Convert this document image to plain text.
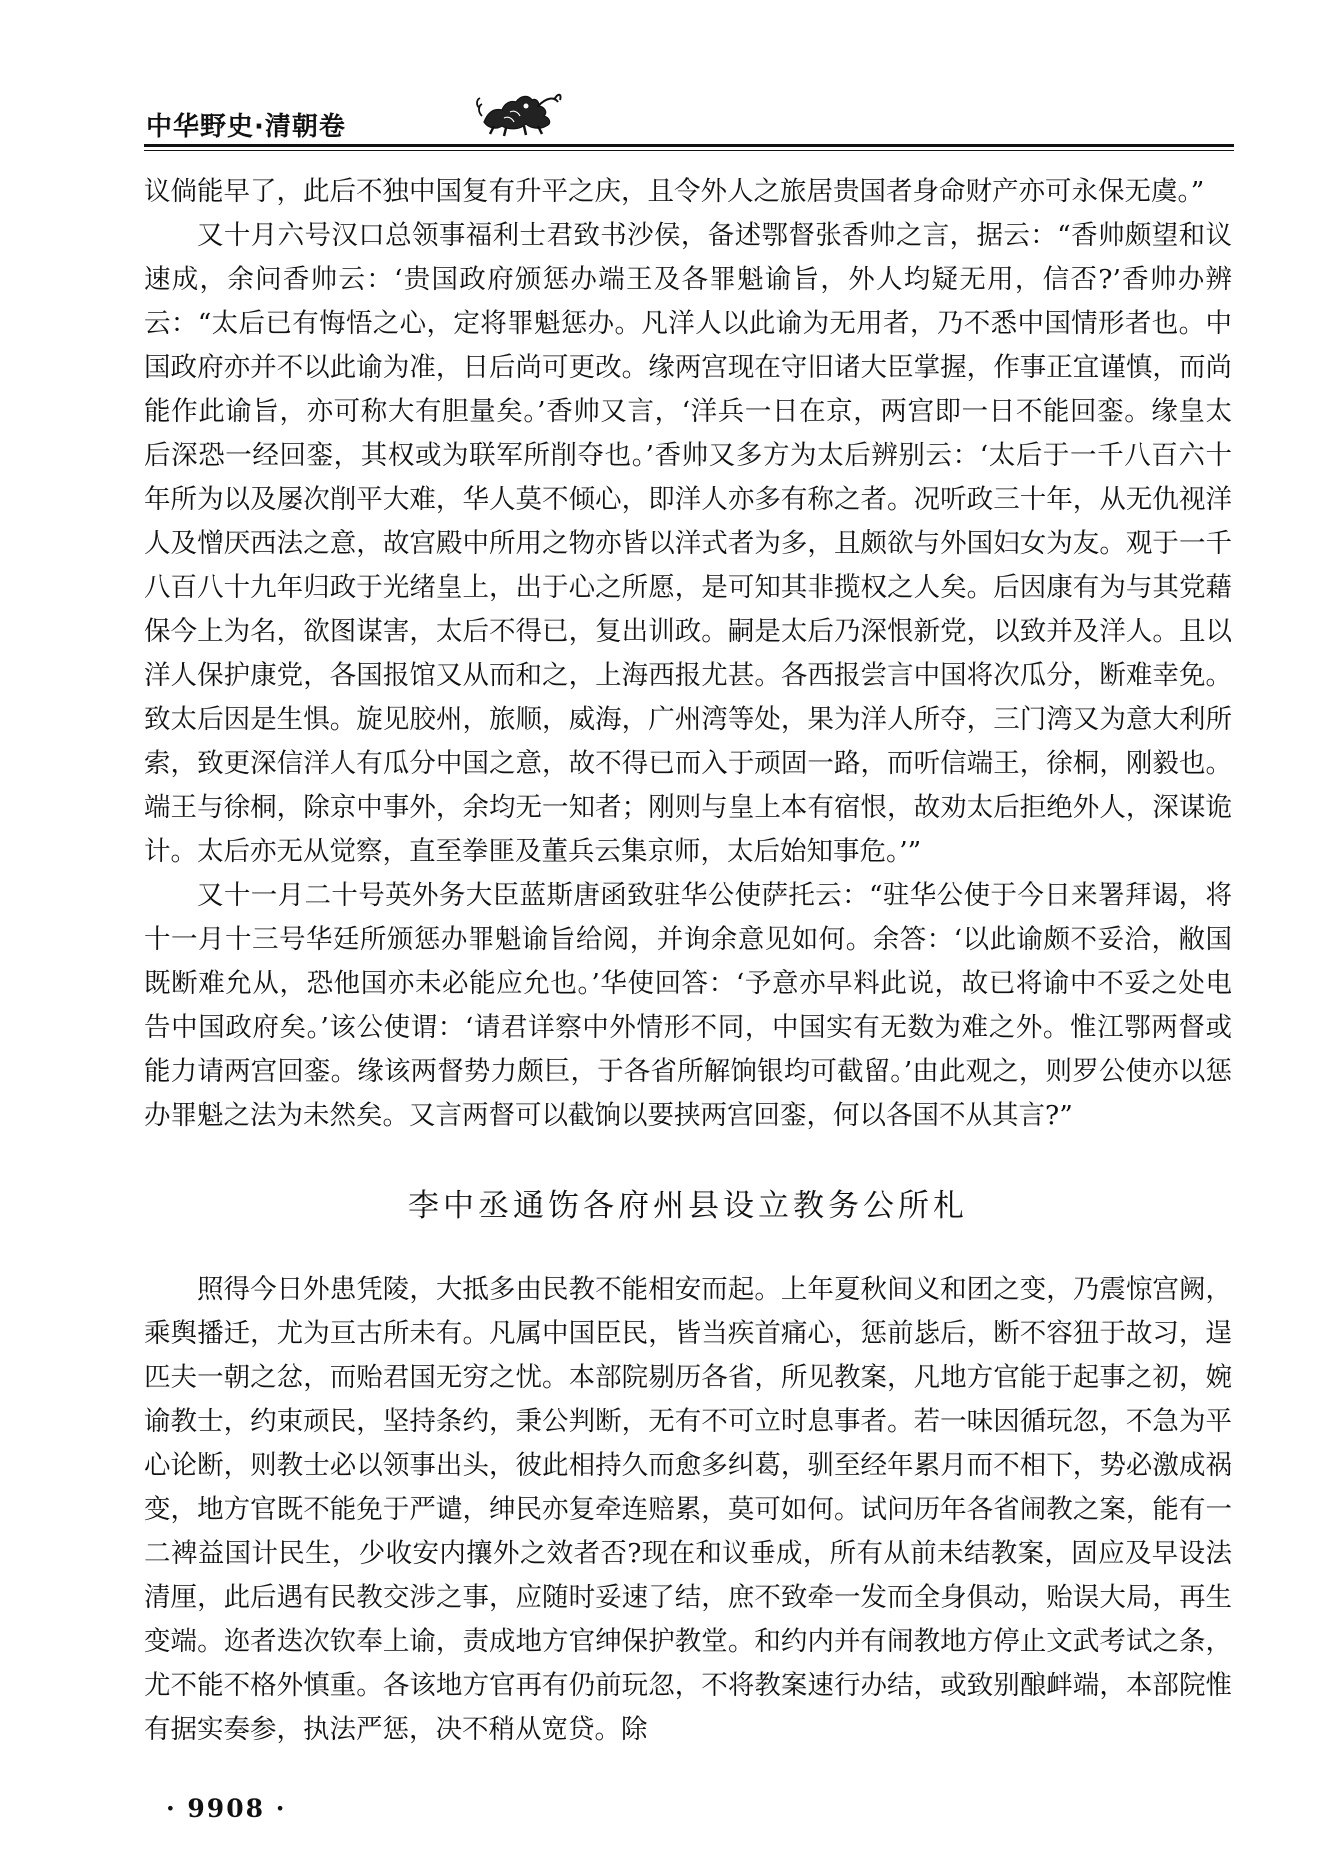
中华野史·清朝卷

议倘能早了，此后不独中国复有升平之庆，且令外人之旅居贵国者身命财产亦可永保无虞。”

又十月六号汉口总领事福利士君致书沙侯，备述鄂督张香帅之言，据云：“香帅颇望和议速成，余问香帅云：‘贵国政府颁惩办端王及各罪魁谕旨，外人均疑无用，信否?’香帅办辨云：“太后已有悔悟之心，定将罪魁惩办。凡洋人以此谕为无用者，乃不悉中国情形者也。中国政府亦并不以此谕为准，日后尚可更改。缘两宫现在守旧诸大臣掌握，作事正宜谨慎，而尚能作此谕旨，亦可称大有胆量矣。’香帅又言，‘洋兵一日在京，两宫即一日不能回銮。缘皇太后深恐一经回銮，其权或为联军所削夺也。’香帅又多方为太后辨别云：‘太后于一千八百六十年所为以及屡次削平大难，华人莫不倾心，即洋人亦多有称之者。况听政三十年，从无仇视洋人及憎厌西法之意，故宫殿中所用之物亦皆以洋式者为多，且颇欲与外国妇女为友。观于一千八百八十九年归政于光绪皇上，出于心之所愿，是可知其非揽权之人矣。后因康有为与其党藉保今上为名，欲图谋害，太后不得已，复出训政。嗣是太后乃深恨新党，以致并及洋人。且以洋人保护康党，各国报馆又从而和之，上海西报尤甚。各西报尝言中国将次瓜分，断难幸免。致太后因是生惧。旋见胶州，旅顺，威海，广州湾等处，果为洋人所夺，三门湾又为意大利所索，致更深信洋人有瓜分中国之意，故不得已而入于顽固一路，而听信端王，徐桐，刚毅也。端王与徐桐，除京中事外，余均无一知者；刚则与皇上本有宿恨，故劝太后拒绝外人，深谋诡计。太后亦无从觉察，直至拳匪及董兵云集京师，太后始知事危。’”

又十一月二十号英外务大臣蓝斯唐函致驻华公使萨托云：“驻华公使于今日来署拜谒，将十一月十三号华廷所颁惩办罪魁谕旨给阅，并询余意见如何。余答：‘以此谕颇不妥洽，敝国既断难允从，恐他国亦未必能应允也。’华使回答：‘予意亦早料此说，故已将谕中不妥之处电告中国政府矣。’该公使谓：‘请君详察中外情形不同，中国实有无数为难之外。惟江鄂两督或能力请两宫回銮。缘该两督势力颇巨，于各省所解饷银均可截留。’由此观之，则罗公使亦以惩办罪魁之法为未然矣。又言两督可以截饷以要挟两宫回銮，何以各国不从其言?”

李中丞通饬各府州县设立教务公所札

照得今日外患凭陵，大抵多由民教不能相安而起。上年夏秋间义和团之变，乃震惊宫阙，乘舆播迁，尤为亘古所未有。凡属中国臣民，皆当疾首痛心，惩前毖后，断不容狃于故习，逞匹夫一朝之忿，而贻君国无穷之忧。本部院剔历各省，所见教案，凡地方官能于起事之初，婉谕教士，约束顽民，坚持条约，秉公判断，无有不可立时息事者。若一味因循玩忽，不急为平心论断，则教士必以领事出头，彼此相持久而愈多纠葛，驯至经年累月而不相下，势必激成祸变，地方官既不能免于严谴，绅民亦复牵连赔累，莫可如何。试问历年各省闹教之案，能有一二裨益国计民生，少收安内攘外之效者否?现在和议垂成，所有从前未结教案，固应及早设法清厘，此后遇有民教交涉之事，应随时妥速了结，庶不致牵一发而全身俱动，贻误大局，再生变端。迩者迭次钦奉上谕，责成地方官绅保护教堂。和约内并有闹教地方停止文武考试之条，尤不能不格外慎重。各该地方官再有仍前玩忽，不将教案速行办结，或致别酿衅端，本部院惟有据实奏参，执法严惩，决不稍从宽贷。除

· 9908 ·
